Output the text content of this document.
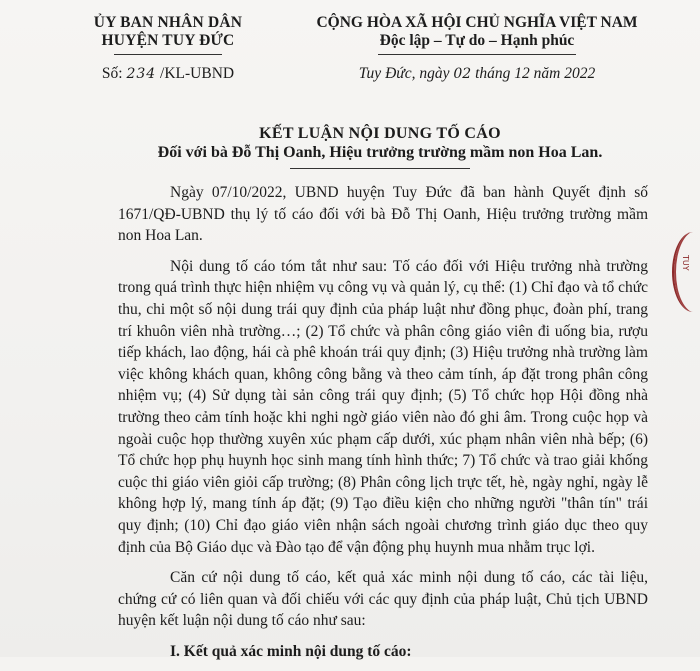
ỦY BAN NHÂN DÂN
HUYỆN TUY ĐỨC
Số: 234 /KL-UBND
CỘNG HÒA XÃ HỘI CHỦ NGHĨA VIỆT NAM
Độc lập – Tự do – Hạnh phúc
Tuy Đức, ngày 02 tháng 12 năm 2022
KẾT LUẬN NỘI DUNG TỐ CÁO
Đối với bà Đỗ Thị Oanh, Hiệu trưởng trường mầm non Hoa Lan.

Ngày 07/10/2022, UBND huyện Tuy Đức đã ban hành Quyết định số 1671/QĐ-UBND thụ lý tố cáo đối với bà Đỗ Thị Oanh, Hiệu trưởng trường mầm non Hoa Lan.

Nội dung tố cáo tóm tắt như sau: Tố cáo đối với Hiệu trưởng nhà trường trong quá trình thực hiện nhiệm vụ công vụ và quản lý, cụ thể: (1) Chỉ đạo và tổ chức thu, chi một số nội dung trái quy định của pháp luật như đồng phục, đoàn phí, trang trí khuôn viên nhà trường…; (2) Tổ chức và phân công giáo viên đi uống bia, rượu tiếp khách, lao động, hái cà phê khoán trái quy định; (3) Hiệu trưởng nhà trường làm việc không khách quan, không công bằng và theo cảm tính, áp đặt trong phân công nhiệm vụ; (4) Sử dụng tài sản công trái quy định; (5) Tổ chức họp Hội đồng nhà trường theo cảm tính hoặc khi nghi ngờ giáo viên nào đó ghi âm. Trong cuộc họp và ngoài cuộc họp thường xuyên xúc phạm cấp dưới, xúc phạm nhân viên nhà bếp; (6) Tổ chức họp phụ huynh học sinh mang tính hình thức; 7) Tổ chức và trao giải khống cuộc thi giáo viên giỏi cấp trường; (8) Phân công lịch trực tết, hè, ngày nghỉ, ngày lễ không hợp lý, mang tính áp đặt; (9) Tạo điều kiện cho những người "thân tín" trái quy định; (10) Chỉ đạo giáo viên nhận sách ngoài chương trình giáo dục theo quy định của Bộ Giáo dục và Đào tạo để vận động phụ huynh mua nhằm trục lợi.

Căn cứ nội dung tố cáo, kết quả xác minh nội dung tố cáo, các tài liệu, chứng cứ có liên quan và đối chiếu với các quy định của pháp luật, Chủ tịch UBND huyện kết luận nội dung tố cáo như sau:

I. Kết quả xác minh nội dung tố cáo:

TUY
